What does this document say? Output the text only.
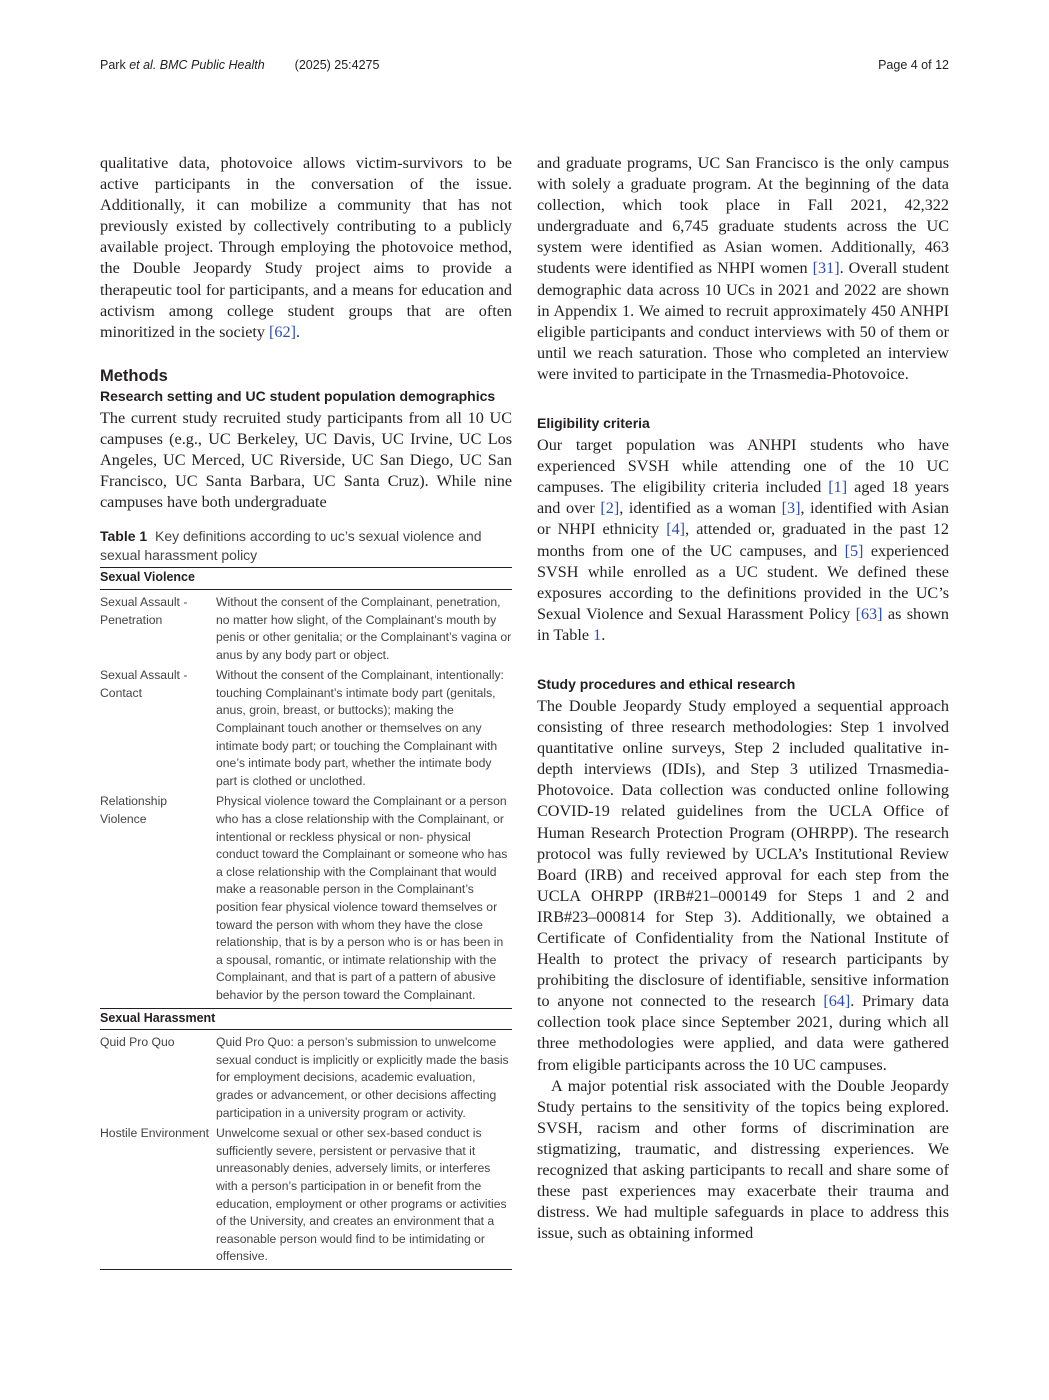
Park et al. BMC Public Health (2025) 25:4275	Page 4 of 12

qualitative data, photovoice allows victim-survivors to be active participants in the conversation of the issue. Additionally, it can mobilize a community that has not previously existed by collectively contributing to a publicly available project. Through employing the photovoice method, the Double Jeopardy Study project aims to provide a therapeutic tool for participants, and a means for education and activism among college student groups that are often minoritized in the society [62].

Methods
Research setting and UC student population demographics

The current study recruited study participants from all 10 UC campuses (e.g., UC Berkeley, UC Davis, UC Irvine, UC Los Angeles, UC Merced, UC Riverside, UC San Diego, UC San Francisco, UC Santa Barbara, UC Santa Cruz). While nine campuses have both undergraduate

Table 1 Key definitions according to uc’s sexual violence and sexual harassment policy
Sexual Violence	
Sexual Assault - Penetration	Without the consent of the Complainant, penetration, no matter how slight, of the Complainant’s mouth by penis or other genitalia; or the Complainant’s vagina or anus by any body part or object.
Sexual Assault - Contact	Without the consent of the Complainant, intentionally: touching Complainant’s intimate body part (genitals, anus, groin, breast, or buttocks); making the Complainant touch another or themselves on any intimate body part; or touching the Complainant with one’s intimate body part, whether the intimate body part is clothed or unclothed.
Relationship Violence	Physical violence toward the Complainant or a person who has a close relationship with the Complainant, or intentional or reckless physical or non- physical conduct toward the Complainant or someone who has a close relationship with the Complainant that would make a reasonable person in the Complainant’s position fear physical violence toward themselves or toward the person with whom they have the close relationship, that is by a person who is or has been in a spousal, romantic, or intimate relationship with the Complainant, and that is part of a pattern of abusive behavior by the person toward the Complainant.
Sexual Harassment	
Quid Pro Quo	Quid Pro Quo: a person’s submission to unwelcome sexual conduct is implicitly or explicitly made the basis for employment decisions, academic evaluation, grades or advancement, or other decisions affecting participation in a university program or activity.
Hostile Environment	Unwelcome sexual or other sex-based conduct is sufficiently severe, persistent or pervasive that it unreasonably denies, adversely limits, or interferes with a person’s participation in or benefit from the education, employment or other programs or activities of the University, and creates an environment that a reasonable person would find to be intimidating or offensive.

and graduate programs, UC San Francisco is the only campus with solely a graduate program. At the beginning of the data collection, which took place in Fall 2021, 42,322 undergraduate and 6,745 graduate students across the UC system were identified as Asian women. Additionally, 463 students were identified as NHPI women [31]. Overall student demographic data across 10 UCs in 2021 and 2022 are shown in Appendix 1. We aimed to recruit approximately 450 ANHPI eligible participants and conduct interviews with 50 of them or until we reach saturation. Those who completed an interview were invited to participate in the Trnasmedia-Photovoice.

Eligibility criteria

Our target population was ANHPI students who have experienced SVSH while attending one of the 10 UC campuses. The eligibility criteria included [1] aged 18 years and over [2], identified as a woman [3], identified with Asian or NHPI ethnicity [4], attended or, graduated in the past 12 months from one of the UC campuses, and [5] experienced SVSH while enrolled as a UC student. We defined these exposures according to the definitions provided in the UC’s Sexual Violence and Sexual Harassment Policy [63] as shown in Table 1.

Study procedures and ethical research

The Double Jeopardy Study employed a sequential approach consisting of three research methodologies: Step 1 involved quantitative online surveys, Step 2 included qualitative in-depth interviews (IDIs), and Step 3 utilized Trnasmedia-Photovoice. Data collection was conducted online following COVID-19 related guidelines from the UCLA Office of Human Research Protection Program (OHRPP). The research protocol was fully reviewed by UCLA’s Institutional Review Board (IRB) and received approval for each step from the UCLA OHRPP (IRB#21–000149 for Steps 1 and 2 and IRB#23–000814 for Step 3). Additionally, we obtained a Certificate of Confidentiality from the National Institute of Health to protect the privacy of research participants by prohibiting the disclosure of identifiable, sensitive information to anyone not connected to the research [64]. Primary data collection took place since September 2021, during which all three methodologies were applied, and data were gathered from eligible participants across the 10 UC campuses.

A major potential risk associated with the Double Jeopardy Study pertains to the sensitivity of the topics being explored. SVSH, racism and other forms of discrimination are stigmatizing, traumatic, and distressing experiences. We recognized that asking participants to recall and share some of these past experiences may exacerbate their trauma and distress. We had multiple safeguards in place to address this issue, such as obtaining informed
